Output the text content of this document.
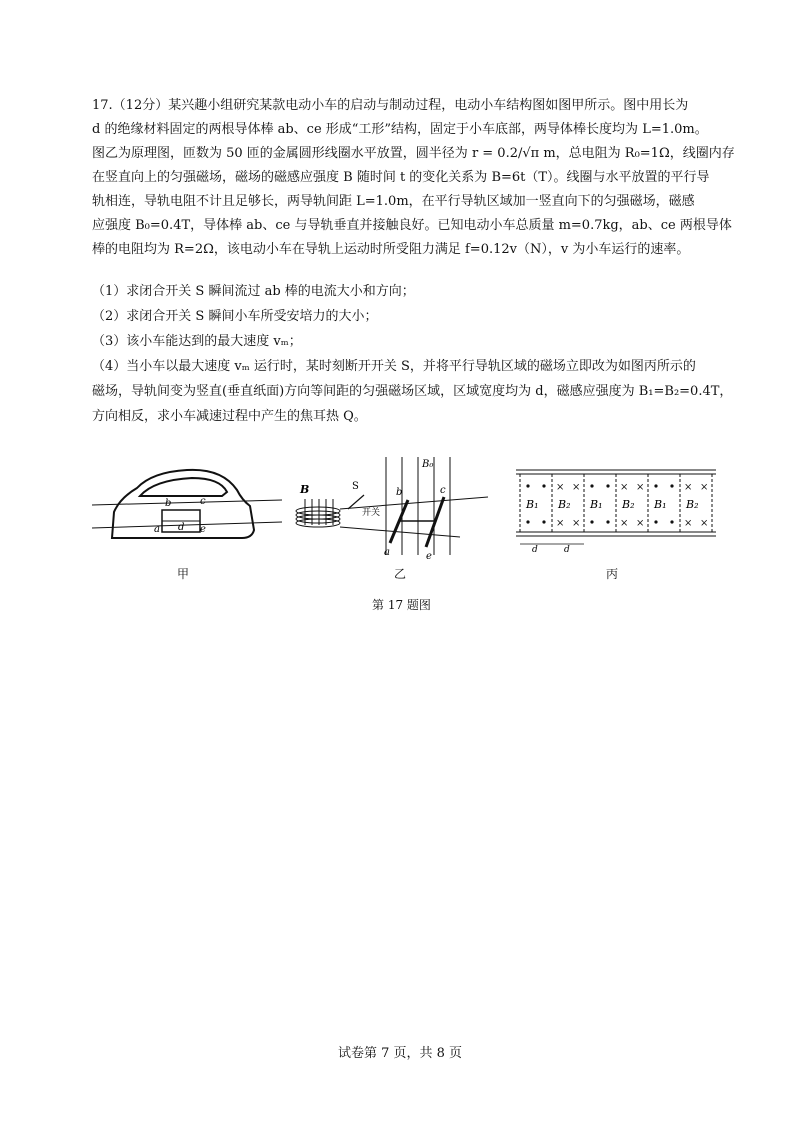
17.（12分）某兴趣小组研究某款电动小车的启动与制动过程，电动小车结构图如图甲所示。图中用长为
d 的绝缘材料固定的两根导体棒 ab、ce 形成“工形”结构，固定于小车底部，两导体棒长度均为 L=1.0m。
图乙为原理图，匝数为 50 匝的金属圆形线圈水平放置，圆半径为 r = 0.2/√π m，总电阻为 R₀=1Ω，线圈内存
在竖直向上的匀强磁场，磁场的磁感应强度 B 随时间 t 的变化关系为 B=6t（T）。线圈与水平放置的平行导
轨相连，导轨电阻不计且足够长，两导轨间距 L=1.0m，在平行导轨区域加一竖直向下的匀强磁场，磁感
应强度 B₀=0.4T，导体棒 ab、ce 与导轨垂直并接触良好。已知电动小车总质量 m=0.7kg，ab、ce 两根导体
棒的电阻均为 R=2Ω，该电动小车在导轨上运动时所受阻力满足 f=0.12v（N），v 为小车运行的速率。
（1）求闭合开关 S 瞬间流过 ab 棒的电流大小和方向；
（2）求闭合开关 S 瞬间小车所受安培力的大小；
（3）该小车能达到的最大速度 vₘ；
（4）当小车以最大速度 vₘ 运行时，某时刻断开开关 S，并将平行导轨区域的磁场立即改为如图丙所示的
磁场，导轨间变为竖直(垂直纸面)方向等间距的匀强磁场区域，区域宽度均为 d，磁感应强度为 B₁=B₂=0.4T，
方向相反，求小车减速过程中产生的焦耳热 Q。
b	c
a d e
甲
B	S
开关
B₀
b	c
a	e
乙
× ×
× ×
× ×
× ×
× ×
× ×
B₁ B₂ B₁ B₂ B₁ B₂
d	d
丙
第 17 题图
试卷第 7 页，共 8 页
